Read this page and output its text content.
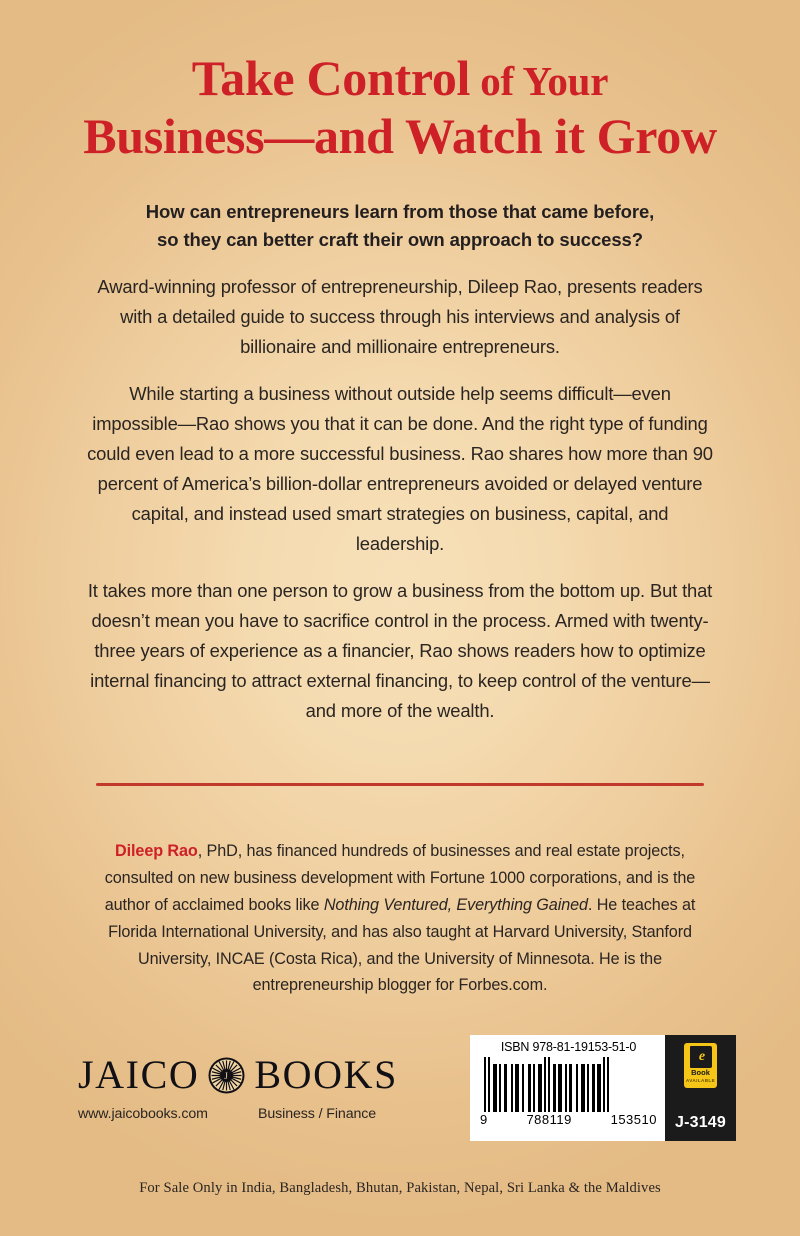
Take Control of Your
Business—and Watch it Grow
How can entrepreneurs learn from those that came before,
so they can better craft their own approach to success?

Award-winning professor of entrepreneurship, Dileep Rao, presents readers with a detailed guide to success through his interviews and analysis of billionaire and millionaire entrepreneurs.

While starting a business without outside help seems difficult—even impossible—Rao shows you that it can be done. And the right type of funding could even lead to a more successful business. Rao shares how more than 90 percent of America’s billion-dollar entrepreneurs avoided or delayed venture capital, and instead used smart strategies on business, capital, and leadership.

It takes more than one person to grow a business from the bottom up. But that doesn’t mean you have to sacrifice control in the process. Armed with twenty-three years of experience as a financier, Rao shows readers how to optimize internal financing to attract external financing, to keep control of the venture—and more of the wealth.

Dileep Rao, PhD, has financed hundreds of businesses and real estate projects, consulted on new business development with Fortune 1000 corporations, and is the author of acclaimed books like Nothing Ventured, Everything Gained. He teaches at Florida International University, and has also taught at Harvard University, Stanford University, INCAE (Costa Rica), and the University of Minnesota. He is the entrepreneurship blogger for Forbes.com.
JAICO J BOOKS
www.jaicobooks.com	Business / Finance
ISBN 978-81-19153-51-0
9	788119	153510
e
Book
AVAILABLE
J-3149
For Sale Only in India, Bangladesh, Bhutan, Pakistan, Nepal, Sri Lanka & the Maldives
